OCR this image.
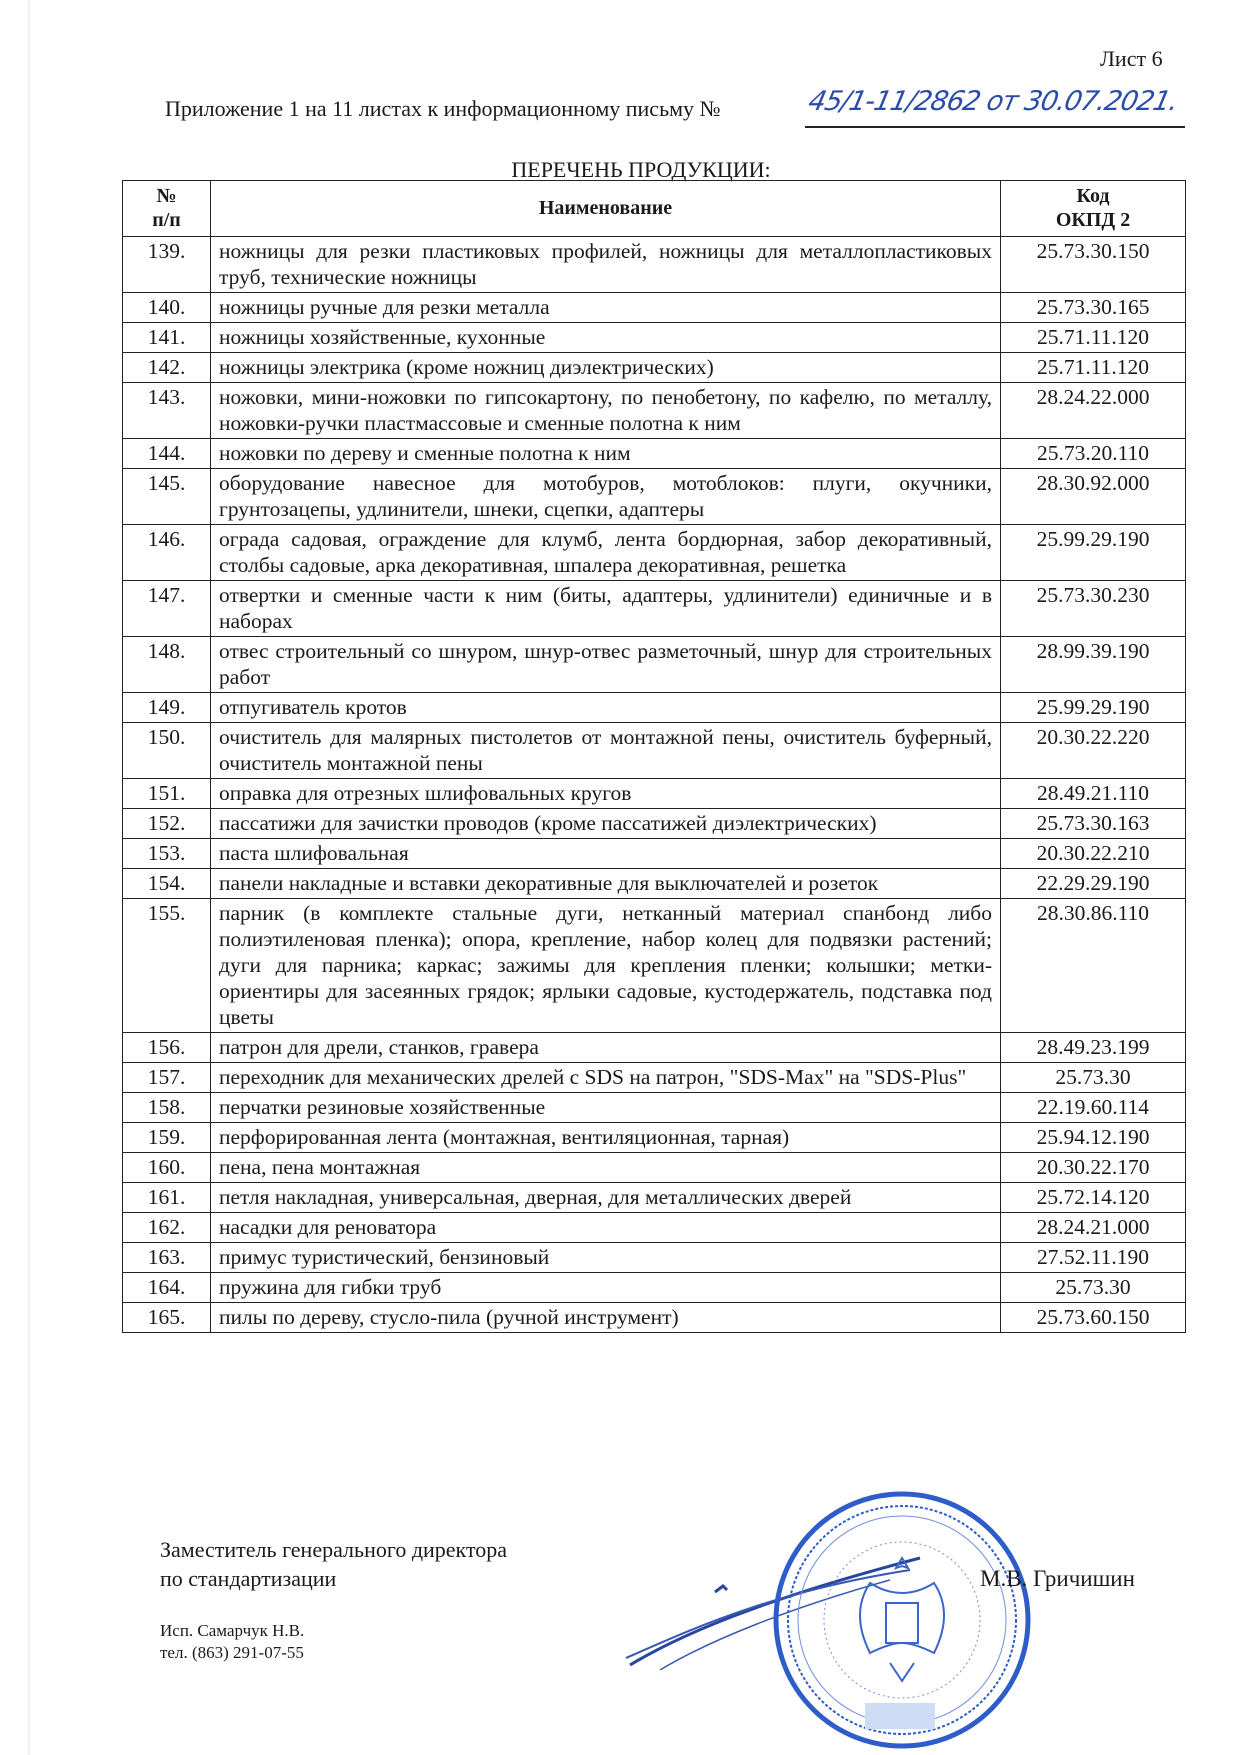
Лист 6
Приложение 1 на 11 листах к информационному письму №	45/1-11/2862 от 30.07.2021.
ПЕРЕЧЕНЬ ПРОДУКЦИИ:
№
п/п	Наименование	Код
ОКПД 2
139.	ножницы для резки пластиковых профилей, ножницы для металлопластиковых труб, технические ножницы	25.73.30.150
140.	ножницы ручные для резки металла	25.73.30.165
141.	ножницы хозяйственные, кухонные	25.71.11.120
142.	ножницы электрика (кроме ножниц диэлектрических)	25.71.11.120
143.	ножовки, мини-ножовки по гипсокартону, по пенобетону, по кафелю, по металлу, ножовки-ручки пластмассовые и сменные полотна к ним	28.24.22.000
144.	ножовки по дереву и сменные полотна к ним	25.73.20.110
145.	оборудование навесное для мотобуров, мотоблоков: плуги, окучники, грунтозацепы, удлинители, шнеки, сцепки, адаптеры	28.30.92.000
146.	ограда садовая, ограждение для клумб, лента бордюрная, забор декоративный, столбы садовые, арка декоративная, шпалера декоративная, решетка	25.99.29.190
147.	отвертки и сменные части к ним (биты, адаптеры, удлинители) единичные и в наборах	25.73.30.230
148.	отвес строительный со шнуром, шнур-отвес разметочный, шнур для строительных работ	28.99.39.190
149.	отпугиватель кротов	25.99.29.190
150.	очиститель для малярных пистолетов от монтажной пены, очиститель буферный, очиститель монтажной пены	20.30.22.220
151.	оправка для отрезных шлифовальных кругов	28.49.21.110
152.	пассатижи для зачистки проводов (кроме пассатижей диэлектрических)	25.73.30.163
153.	паста шлифовальная	20.30.22.210
154.	панели накладные и вставки декоративные для выключателей и розеток	22.29.29.190
155.	парник (в комплекте стальные дуги, нетканный материал спанбонд либо полиэтиленовая пленка); опора, крепление, набор колец для подвязки растений; дуги для парника; каркас; зажимы для крепления пленки; колышки; метки-ориентиры для засеянных грядок; ярлыки садовые, кустодержатель, подставка под цветы	28.30.86.110
156.	патрон для дрели, станков, гравера	28.49.23.199
157.	переходник для механических дрелей с SDS на патрон, "SDS-Max" на "SDS-Plus"	25.73.30
158.	перчатки резиновые хозяйственные	22.19.60.114
159.	перфорированная лента (монтажная, вентиляционная, тарная)	25.94.12.190
160.	пена, пена монтажная	20.30.22.170
161.	петля накладная, универсальная, дверная, для металлических дверей	25.72.14.120
162.	насадки для реноватора	28.24.21.000
163.	примус туристический, бензиновый	27.52.11.190
164.	пружина для гибки труб	25.73.30
165.	пилы по дереву, стусло-пила (ручной инструмент)	25.73.60.150
М.В. Гричишин
Заместитель генерального директора
по стандартизации
Исп. Самарчук Н.В.
тел. (863) 291-07-55
